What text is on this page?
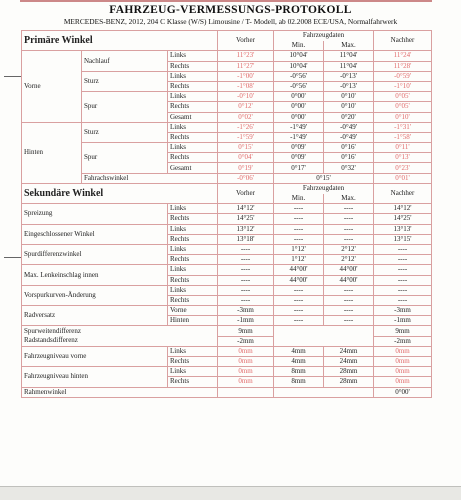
FAHRZEUG-VERMESSUNGS-PROTOKOLL
MERCEDES-BENZ, 2012, 204 C Klasse (W/S) Limousine / T- Modell, ab 02.2008 ECE/USA, Normalfahrwerk
Primäre Winkel			Vorher	Fahrzeugdaten		Nachher
				Min.	Max.	
Vorne	Nachlauf	Links	11°23'	10°04'	11°04'	11°24'
		Rechts	11°27'	10°04'	11°04'	11°28'
	Sturz	Links	-1°00'	-0°56'	-0°13'	-0°59'
		Rechts	-1°08'	-0°56'	-0°13'	-1°10'
	Spur	Links	-0°10'	0°00'	0°10'	0°05'
		Rechts	0°12'	0°00'	0°10'	0°05'
		Gesamt	0°02'	0°00'	0°20'	0°10'
Hinten	Sturz	Links	-1°26'	-1°49'	-0°49'	-1°31'
		Rechts	-1°59'	-1°49'	-0°49'	-1°58'
	Spur	Links	0°15'	0°09'	0°16'	0°11'
		Rechts	0°04'	0°09'	0°16'	0°13'
		Gesamt	0°19'	0°17'	0°32'	0°23'
	Fahrachswinkel		-0°06'	0°15'		0°01'
Sekundäre Winkel			Vorher	Fahrzeugdaten		Nachher
				Min.	Max.	
Spreizung		Links	14°12'	----	----	14°12'
		Rechts	14°25'	----	----	14°25'
Eingeschlossener Winkel		Links	13°12'	----	----	13°13'
		Rechts	13°18'	----	----	13°15'
Spurdifferenzwinkel		Links	----	1°12'	2°12'	----
		Rechts	----	1°12'	2°12'	----
Max. Lenkeinschlag innen		Links	----	44°00'	44°00'	----
		Rechts	----	44°00'	44°00'	----
Vorspurkurven-Änderung		Links	----	----	----	----
		Rechts	----	----	----	----
Radversatz		Vorne	-3mm	----	----	-3mm
		Hinten	-1mm	----	----	-1mm
Spurweitendifferenz			9mm			9mm
Radstandsdifferenz			-2mm			-2mm
Fahrzeugniveau vorne		Links	0mm	4mm	24mm	0mm
		Rechts	0mm	4mm	24mm	0mm
Fahrzeugniveau hinten		Links	0mm	8mm	28mm	0mm
		Rechts	0mm	8mm	28mm	0mm
Rahmenwinkel						0°00'
